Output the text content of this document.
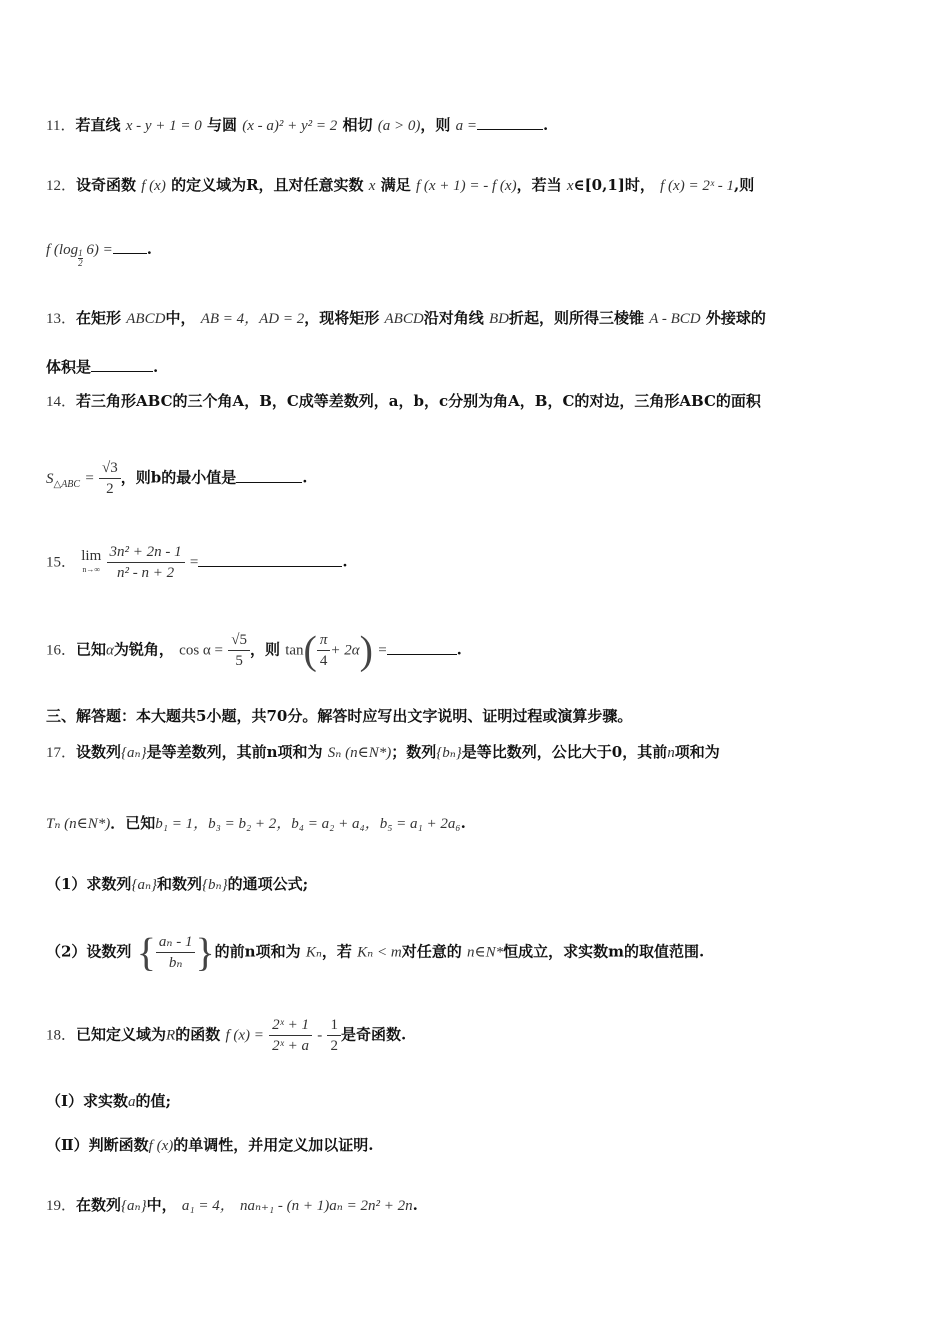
11．若直线 x - y + 1 = 0 与圆 (x - a)² + y² = 2 相切 (a > 0)，则 a =	.
12．设奇函数 f (x) 的定义域为R，且对任意实数 x 满足 f (x + 1) = - f (x)，若当 x∈[0,1]时， f (x) = 2ˣ - 1,则
f $(\log \frac{1}{2} 6)$ = .
13．在矩形 ABCD中， AB = 4，AD = 2，现将矩形 ABCD沿对角线 BD折起，则所得三棱锥 A - BCD 外接球的
体积是	.
14．若三角形ABC的三个角A，B，C成等差数列，a，b，c分别为角A，B，C的对边，三角形ABC的面积
$S_{\triangle ABC} = \frac{√3}{2}$ ，则b的最小值是	.
15． lim
n→∞
$\frac{\text{3n² + 2n - 1}}{\text{n² - n + 2}}$ =	.
16．已知α为锐角， $\cos \alpha = \frac{√5}{5}$ ，则 $\tan( \frac{\pi}{4} + 2\alpha)$ =	.
三、解答题：本大题共5小题，共70分。解答时应写出文字说明、证明过程或演算步骤。
17．设数列{aₙ}是等差数列，其前n项和为 Sₙ (n∈N*)；数列{bₙ}是等比数列，公比大于0，其前n项和为
Tₙ (n∈N*)．已知b₁ = 1，b₃ = b₂ + 2，b₄ = a₂ + a₄，b₅ = a₁ + 2a₆.
（1）求数列{aₙ}和数列{bₙ}的通项公式;
（2）设数列 { $\frac{\text{aₙ - 1}}{\text{bₙ}}$ }的前n项和为 Kₙ，若 Kₙ < m对任意的 n∈N*恒成立，求实数m的取值范围.
18．已知定义域为R的函数 f $(x) = \frac{\text{2ˣ + 1}}{\text{2ˣ + a}} - \frac{1}{2}$ 是奇函数.
（Ⅰ）求实数a的值;
（Ⅱ）判断函数f (x)的单调性，并用定义加以证明.
19．在数列{aₙ}中， a₁ = 4， naₙ₊₁ - (n + 1)aₙ = 2n² + 2n.
